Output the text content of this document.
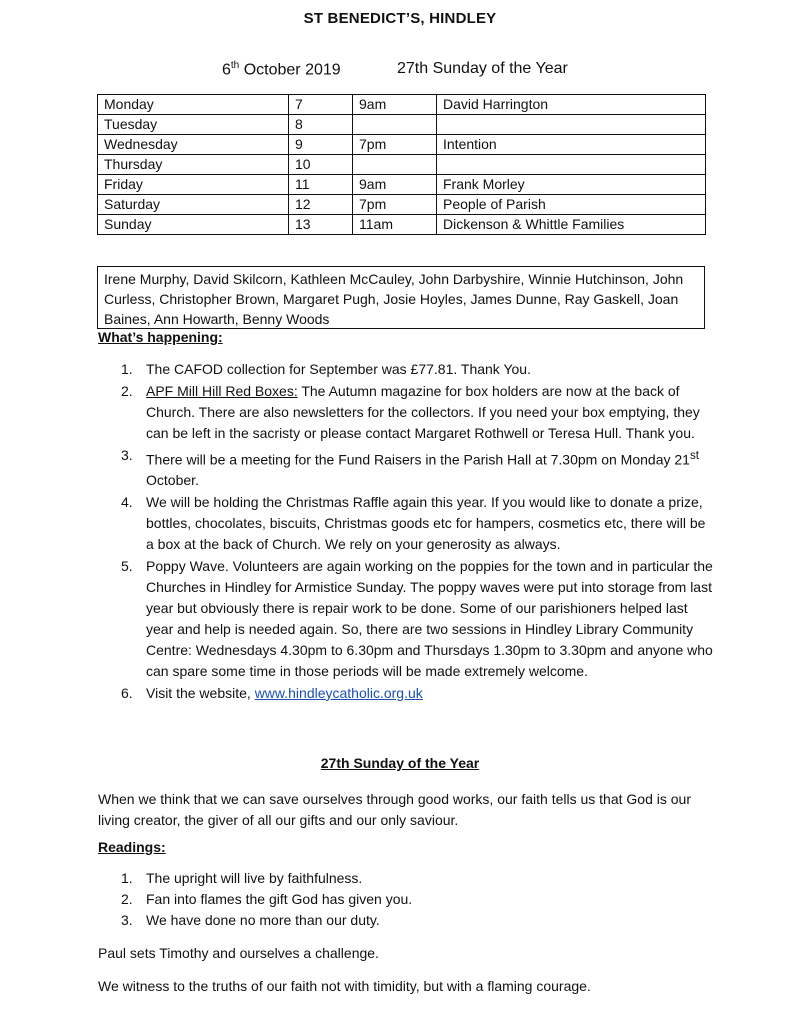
ST BENEDICT’S, HINDLEY
6th October 2019	27th Sunday of the Year
Monday	7	9am	David Harrington
Tuesday	8		
Wednesday	9	7pm	Intention
Thursday	10		
Friday	11	9am	Frank Morley
Saturday	12	7pm	People of Parish
Sunday	13	11am	Dickenson & Whittle Families
Irene Murphy, David Skilcorn, Kathleen McCauley, John Darbyshire, Winnie Hutchinson, John Curless, Christopher Brown, Margaret Pugh, Josie Hoyles, James Dunne, Ray Gaskell, Joan Baines, Ann Howarth, Benny Woods
What’s happening:
1. The CAFOD collection for September was £77.81. Thank You.
2. APF Mill Hill Red Boxes: The Autumn magazine for box holders are now at the back of Church. There are also newsletters for the collectors. If you need your box emptying, they can be left in the sacristy or please contact Margaret Rothwell or Teresa Hull. Thank you.
3. There will be a meeting for the Fund Raisers in the Parish Hall at 7.30pm on Monday 21st October.
4. We will be holding the Christmas Raffle again this year. If you would like to donate a prize, bottles, chocolates, biscuits, Christmas goods etc for hampers, cosmetics etc, there will be a box at the back of Church. We rely on your generosity as always.
5. Poppy Wave. Volunteers are again working on the poppies for the town and in particular the Churches in Hindley for Armistice Sunday. The poppy waves were put into storage from last year but obviously there is repair work to be done. Some of our parishioners helped last year and help is needed again. So, there are two sessions in Hindley Library Community Centre: Wednesdays 4.30pm to 6.30pm and Thursdays 1.30pm to 3.30pm and anyone who can spare some time in those periods will be made extremely welcome.
6. Visit the website, www.hindleycatholic.org.uk
27th Sunday of the Year
When we think that we can save ourselves through good works, our faith tells us that God is our living creator, the giver of all our gifts and our only saviour.
Readings:
1. The upright will live by faithfulness.
2. Fan into flames the gift God has given you.
3. We have done no more than our duty.
Paul sets Timothy and ourselves a challenge.
We witness to the truths of our faith not with timidity, but with a flaming courage.
